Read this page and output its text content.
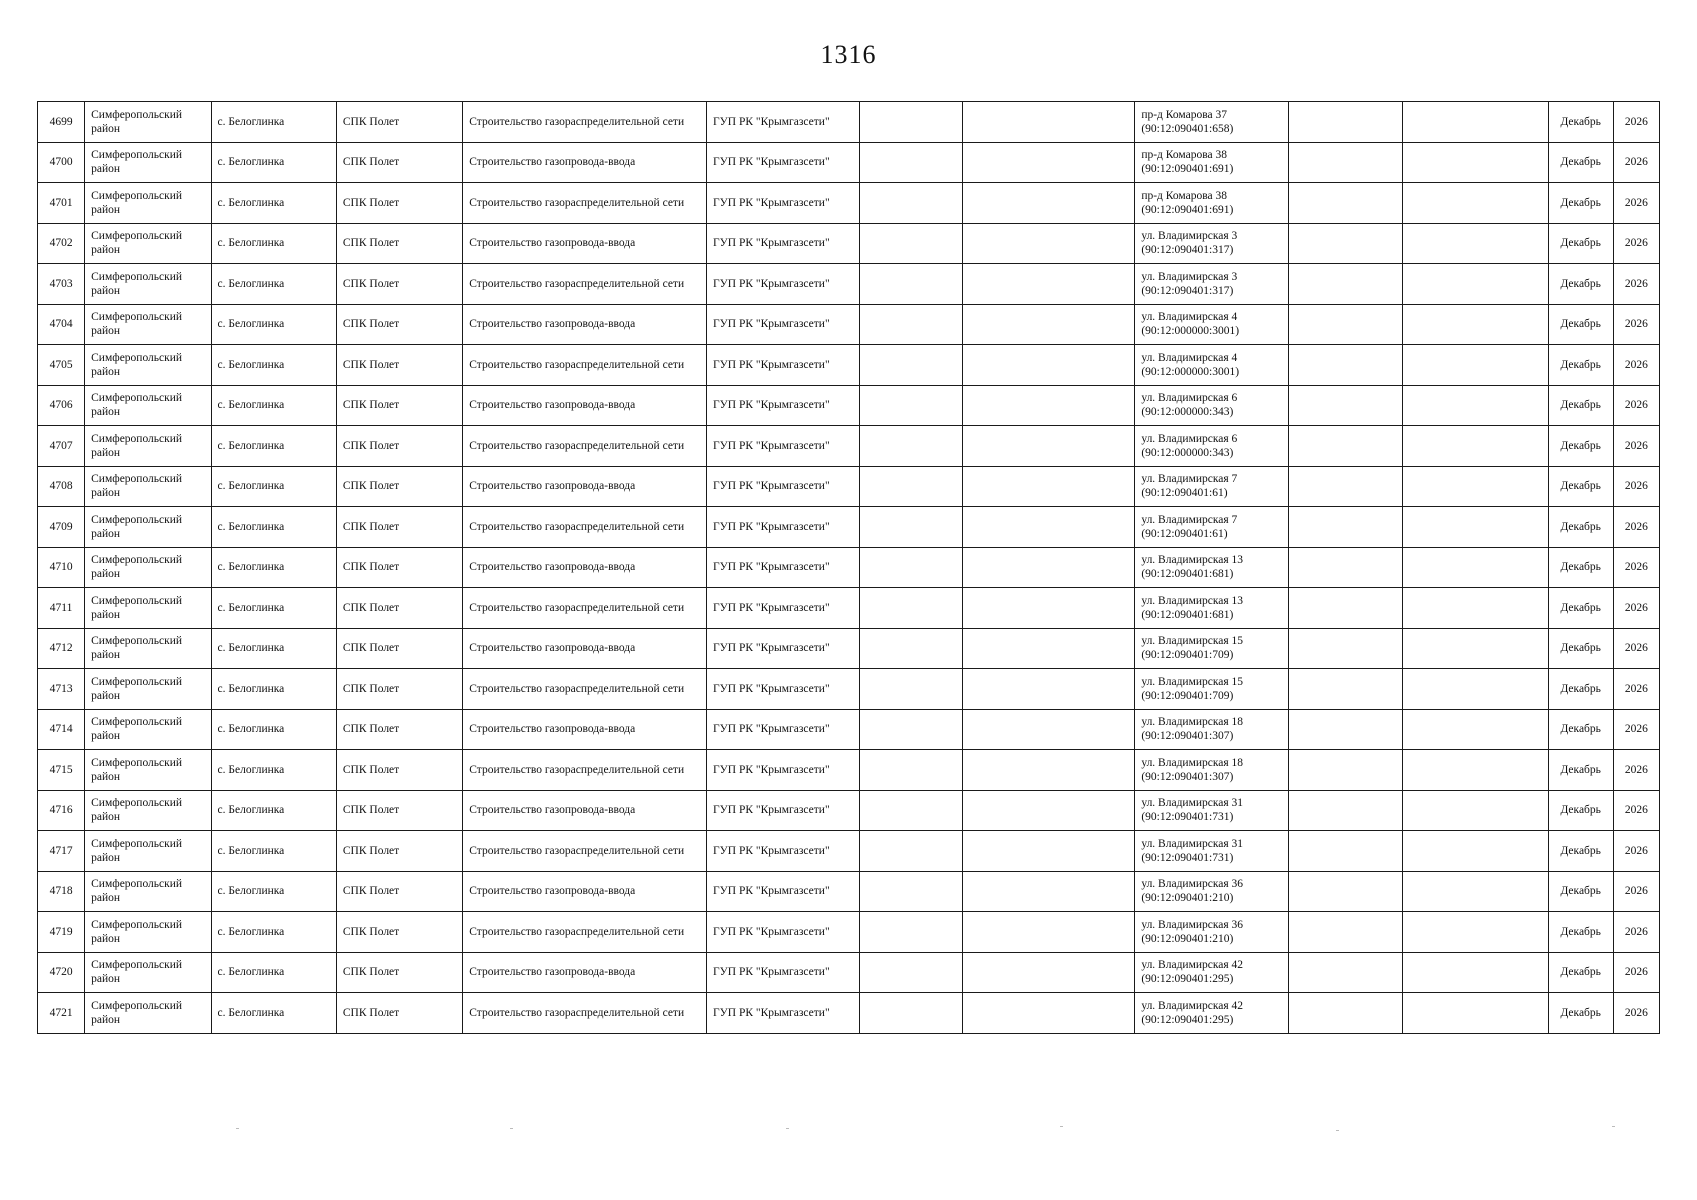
1316
4699	Симферопольский район	с. Белоглинка	СПК Полет	Строительство газораспределительной сети	ГУП РК "Крымгазсети"			пр-д Комарова 37
(90:12:090401:658)			Декабрь	2026
4700	Симферопольский район	с. Белоглинка	СПК Полет	Строительство газопровода-ввода	ГУП РК "Крымгазсети"			пр-д Комарова 38
(90:12:090401:691)			Декабрь	2026
4701	Симферопольский район	с. Белоглинка	СПК Полет	Строительство газораспределительной сети	ГУП РК "Крымгазсети"			пр-д Комарова 38
(90:12:090401:691)			Декабрь	2026
4702	Симферопольский район	с. Белоглинка	СПК Полет	Строительство газопровода-ввода	ГУП РК "Крымгазсети"			ул. Владимирская 3
(90:12:090401:317)			Декабрь	2026
4703	Симферопольский район	с. Белоглинка	СПК Полет	Строительство газораспределительной сети	ГУП РК "Крымгазсети"			ул. Владимирская 3
(90:12:090401:317)			Декабрь	2026
4704	Симферопольский район	с. Белоглинка	СПК Полет	Строительство газопровода-ввода	ГУП РК "Крымгазсети"			ул. Владимирская 4
(90:12:000000:3001)			Декабрь	2026
4705	Симферопольский район	с. Белоглинка	СПК Полет	Строительство газораспределительной сети	ГУП РК "Крымгазсети"			ул. Владимирская 4
(90:12:000000:3001)			Декабрь	2026
4706	Симферопольский район	с. Белоглинка	СПК Полет	Строительство газопровода-ввода	ГУП РК "Крымгазсети"			ул. Владимирская 6
(90:12:000000:343)			Декабрь	2026
4707	Симферопольский район	с. Белоглинка	СПК Полет	Строительство газораспределительной сети	ГУП РК "Крымгазсети"			ул. Владимирская 6
(90:12:000000:343)			Декабрь	2026
4708	Симферопольский район	с. Белоглинка	СПК Полет	Строительство газопровода-ввода	ГУП РК "Крымгазсети"			ул. Владимирская 7
(90:12:090401:61)			Декабрь	2026
4709	Симферопольский район	с. Белоглинка	СПК Полет	Строительство газораспределительной сети	ГУП РК "Крымгазсети"			ул. Владимирская 7
(90:12:090401:61)			Декабрь	2026
4710	Симферопольский район	с. Белоглинка	СПК Полет	Строительство газопровода-ввода	ГУП РК "Крымгазсети"			ул. Владимирская 13
(90:12:090401:681)			Декабрь	2026
4711	Симферопольский район	с. Белоглинка	СПК Полет	Строительство газораспределительной сети	ГУП РК "Крымгазсети"			ул. Владимирская 13
(90:12:090401:681)			Декабрь	2026
4712	Симферопольский район	с. Белоглинка	СПК Полет	Строительство газопровода-ввода	ГУП РК "Крымгазсети"			ул. Владимирская 15
(90:12:090401:709)			Декабрь	2026
4713	Симферопольский район	с. Белоглинка	СПК Полет	Строительство газораспределительной сети	ГУП РК "Крымгазсети"			ул. Владимирская 15
(90:12:090401:709)			Декабрь	2026
4714	Симферопольский район	с. Белоглинка	СПК Полет	Строительство газопровода-ввода	ГУП РК "Крымгазсети"			ул. Владимирская 18
(90:12:090401:307)			Декабрь	2026
4715	Симферопольский район	с. Белоглинка	СПК Полет	Строительство газораспределительной сети	ГУП РК "Крымгазсети"			ул. Владимирская 18
(90:12:090401:307)			Декабрь	2026
4716	Симферопольский район	с. Белоглинка	СПК Полет	Строительство газопровода-ввода	ГУП РК "Крымгазсети"			ул. Владимирская 31
(90:12:090401:731)			Декабрь	2026
4717	Симферопольский район	с. Белоглинка	СПК Полет	Строительство газораспределительной сети	ГУП РК "Крымгазсети"			ул. Владимирская 31
(90:12:090401:731)			Декабрь	2026
4718	Симферопольский район	с. Белоглинка	СПК Полет	Строительство газопровода-ввода	ГУП РК "Крымгазсети"			ул. Владимирская 36
(90:12:090401:210)			Декабрь	2026
4719	Симферопольский район	с. Белоглинка	СПК Полет	Строительство газораспределительной сети	ГУП РК "Крымгазсети"			ул. Владимирская 36
(90:12:090401:210)			Декабрь	2026
4720	Симферопольский район	с. Белоглинка	СПК Полет	Строительство газопровода-ввода	ГУП РК "Крымгазсети"			ул. Владимирская 42
(90:12:090401:295)			Декабрь	2026
4721	Симферопольский район	с. Белоглинка	СПК Полет	Строительство газораспределительной сети	ГУП РК "Крымгазсети"			ул. Владимирская 42
(90:12:090401:295)			Декабрь	2026
